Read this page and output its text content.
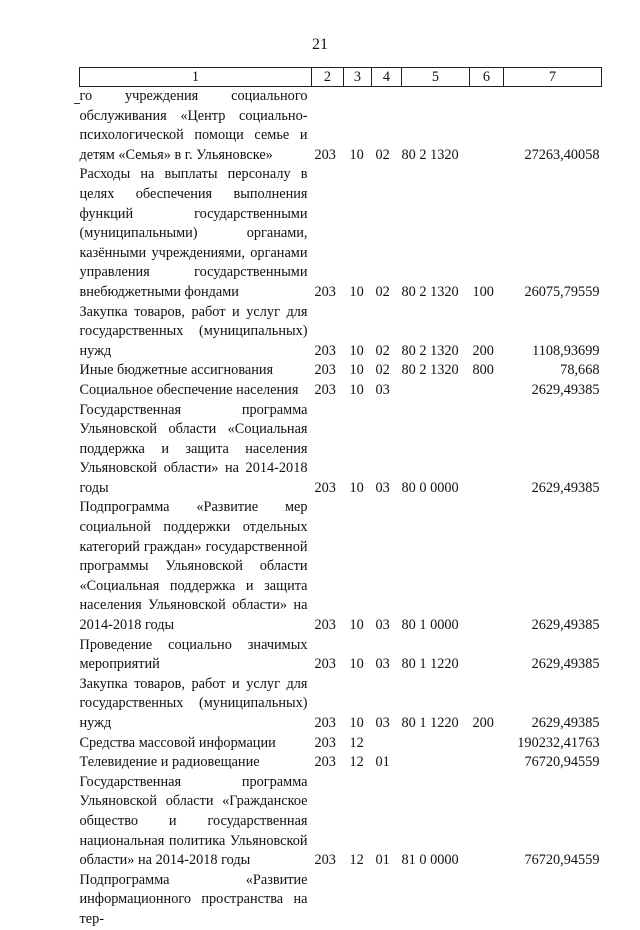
21
1	2	3	4	5	6	7
го учреждения социального обслуживания «Центр социально-психологической помощи семье и детям «Семья» в г. Ульяновске»	203	10	02	80 2 1320		27263,40058
Расходы на выплаты персоналу в целях обеспечения выполнения функций государственными (муниципальными) органами, казёнными учреждениями, органами управления государственными внебюджетными фондами	203	10	02	80 2 1320	100	26075,79559
Закупка товаров, работ и услуг для государственных (муниципальных) нужд	203	10	02	80 2 1320	200	1108,93699
Иные бюджетные ассигнования	203	10	02	80 2 1320	800	78,668
Социальное обеспечение населения	203	10	03			2629,49385
Государственная программа Ульяновской области «Социальная поддержка и защита населения Ульяновской области» на 2014-2018 годы	203	10	03	80 0 0000		2629,49385
Подпрограмма «Развитие мер социальной поддержки отдельных категорий граждан» государственной программы Ульяновской области «Социальная поддержка и защита населения Ульяновской области» на 2014-2018 годы	203	10	03	80 1 0000		2629,49385
Проведение социально значимых мероприятий	203	10	03	80 1 1220		2629,49385
Закупка товаров, работ и услуг для государственных (муниципальных) нужд	203	10	03	80 1 1220	200	2629,49385
Средства массовой информации	203	12				190232,41763
Телевидение и радиовещание	203	12	01			76720,94559
Государственная программа Ульяновской области «Гражданское общество и государственная национальная политика Ульяновской области» на 2014-2018 годы	203	12	01	81 0 0000		76720,94559
Подпрограмма «Развитие информационного пространства на тер-						
